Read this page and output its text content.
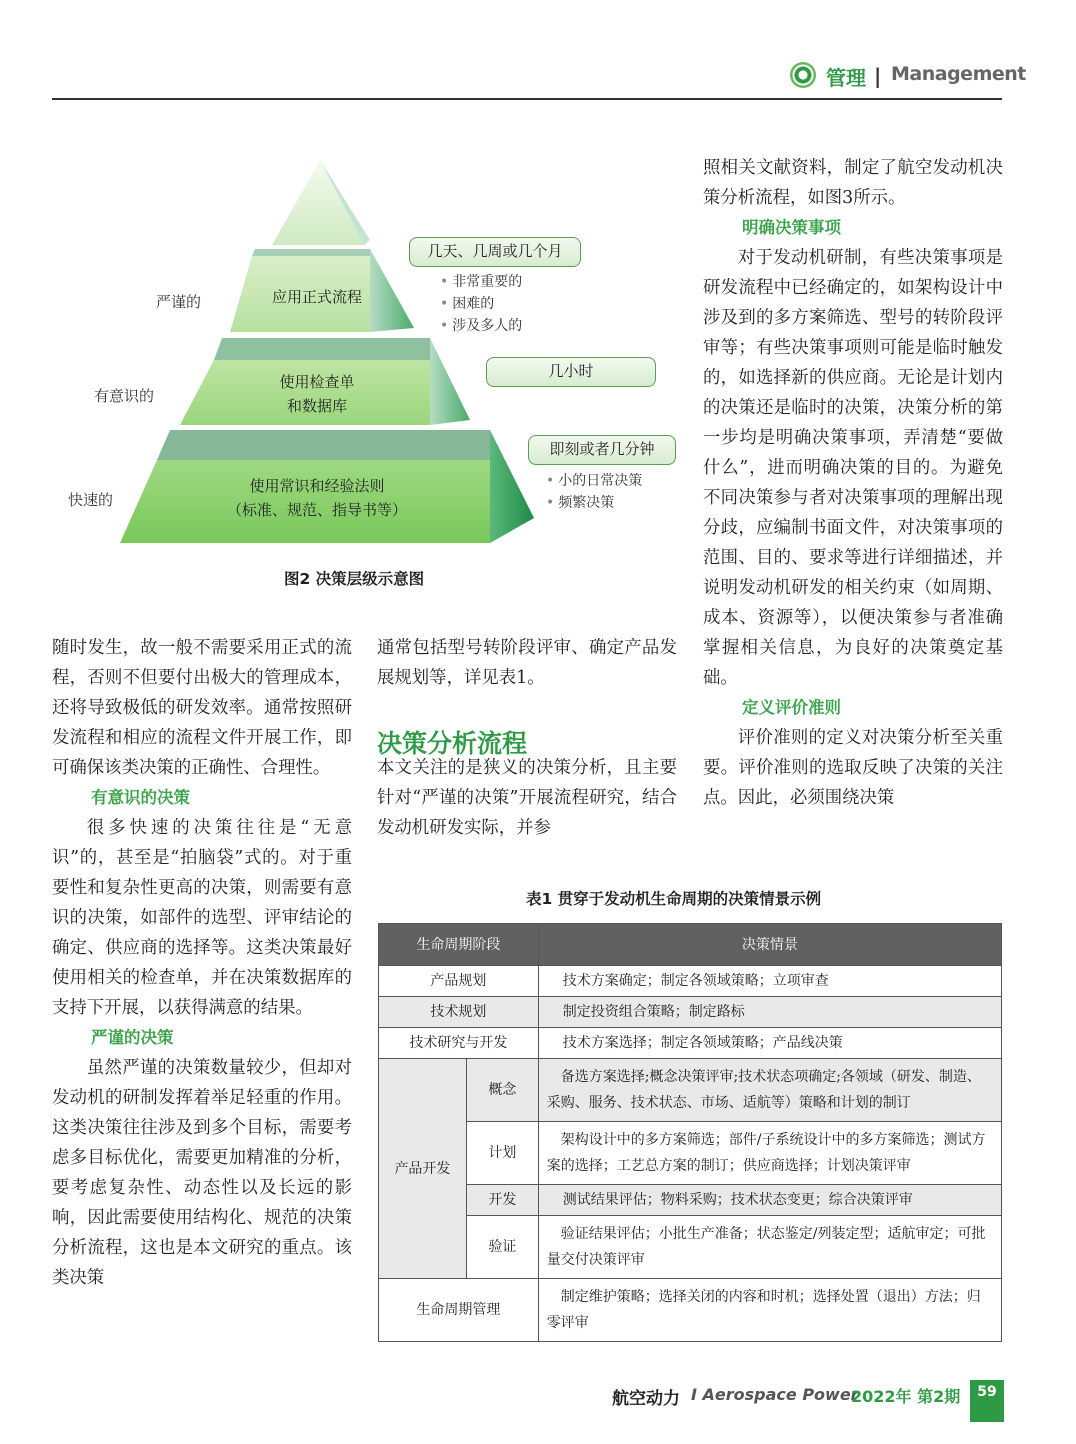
管理 | Management
应用正式流程
使用检查单
和数据库
使用常识和经验法则
（标准、规范、指导书等）
严谨的
有意识的
快速的
几天、几周或几个月
几小时
即刻或者几分钟
• 非常重要的
• 困难的
• 涉及多人的
• 小的日常决策
• 频繁决策
图2 决策层级示意图

随时发生，故一般不需要采用正式的流程，否则不但要付出极大的管理成本，还将导致极低的研发效率。通常按照研发流程和相应的流程文件开展工作，即可确保该类决策的正确性、合理性。

有意识的决策

很多快速的决策往往是“无意识”的，甚至是“拍脑袋”式的。对于重要性和复杂性更高的决策，则需要有意识的决策，如部件的选型、评审结论的确定、供应商的选择等。这类决策最好使用相关的检查单，并在决策数据库的支持下开展，以获得满意的结果。

严谨的决策

虽然严谨的决策数量较少，但却对发动机的研制发挥着举足轻重的作用。这类决策往往涉及到多个目标，需要考虑多目标优化，需要更加精准的分析，要考虑复杂性、动态性以及长远的影响，因此需要使用结构化、规范的决策分析流程，这也是本文研究的重点。该类决策

通常包括型号转阶段评审、确定产品发展规划等，详见表1。

决策分析流程

本文关注的是狭义的决策分析，且主要针对“严谨的决策”开展流程研究，结合发动机研发实际，并参

照相关文献资料，制定了航空发动机决策分析流程，如图3所示。

明确决策事项

对于发动机研制，有些决策事项是研发流程中已经确定的，如架构设计中涉及到的多方案筛选、型号的转阶段评审等；有些决策事项则可能是临时触发的，如选择新的供应商。无论是计划内的决策还是临时的决策，决策分析的第一步均是明确决策事项，弄清楚“要做什么”，进而明确决策的目的。为避免不同决策参与者对决策事项的理解出现分歧，应编制书面文件，对决策事项的范围、目的、要求等进行详细描述，并说明发动机研发的相关约束（如周期、成本、资源等），以便决策参与者准确掌握相关信息，为良好的决策奠定基础。

定义评价准则

评价准则的定义对决策分析至关重要。评价准则的选取反映了决策的关注点。因此，必须围绕决策

表1 贯穿于发动机生命周期的决策情景示例
生命周期阶段		决策情景
产品规划		技术方案确定；制定各领域策略；立项审查
技术规划		制定投资组合策略；制定路标
技术研究与开发		技术方案选择；制定各领域策略；产品线决策
产品开发	概念	备选方案选择;概念决策评审;技术状态项确定;各领域（研发、制造、采购、服务、技术状态、市场、适航等）策略和计划的制订
	计划	架构设计中的多方案筛选；部件/子系统设计中的多方案筛选；测试方案的选择；工艺总方案的制订；供应商选择；计划决策评审
	开发	测试结果评估；物料采购；技术状态变更；综合决策评审
	验证	验证结果评估；小批生产准备；状态鉴定/列装定型；适航审定；可批量交付决策评审
生命周期管理		制定维护策略；选择关闭的内容和时机；选择处置（退出）方法；归零评审
航空动力 I Aerospace Power
2022年 第2期	59
